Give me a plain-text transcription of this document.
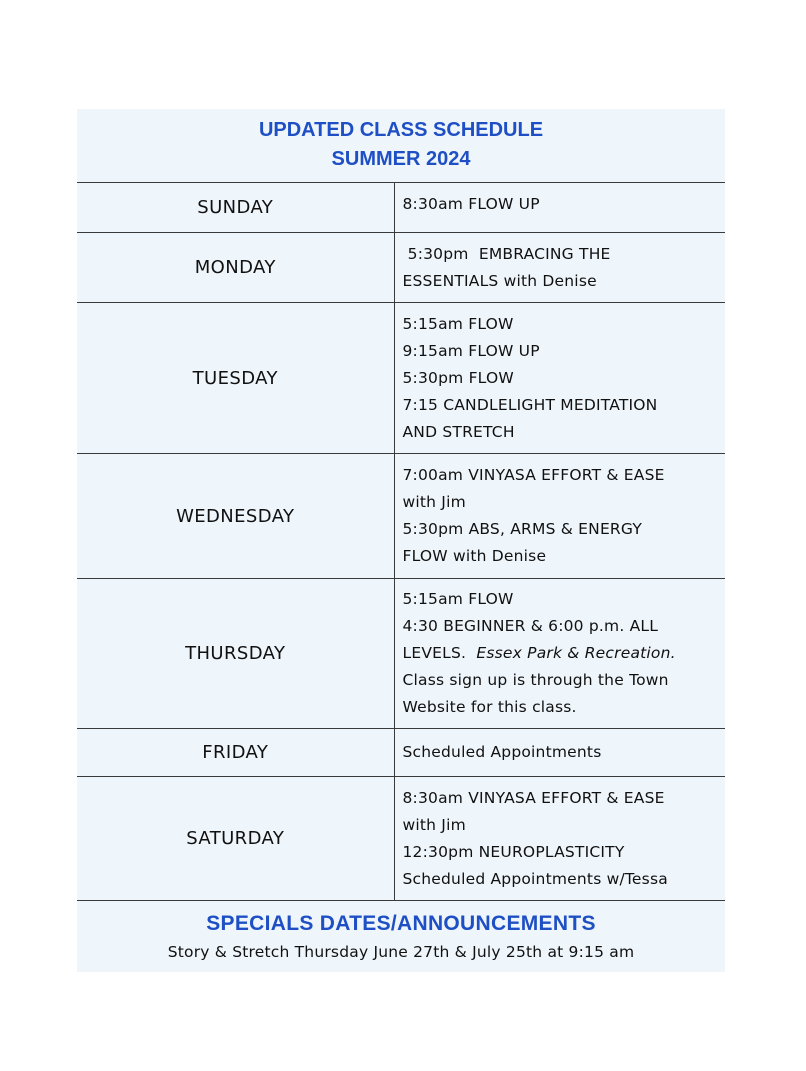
UPDATED CLASS SCHEDULE
SUMMER 2024
SUNDAY	8:30am FLOW UP

MONDAY	5:30pm  EMBRACING THE
ESSENTIALS with Denise

TUESDAY	5:15am FLOW
9:15am FLOW UP
5:30pm FLOW
7:15 CANDLELIGHT MEDITATION
AND STRETCH

WEDNESDAY	7:00am VINYASA EFFORT & EASE
with Jim
5:30pm ABS, ARMS & ENERGY
FLOW with Denise

THURSDAY	5:15am FLOW
4:30 BEGINNER & 6:00 p.m. ALL
LEVELS.  Essex Park & Recreation.
Class sign up is through the Town
Website for this class.

FRIDAY	Scheduled Appointments

SATURDAY	8:30am VINYASA EFFORT & EASE
with Jim
12:30pm NEUROPLASTICITY
Scheduled Appointments w/Tessa
SPECIALS DATES/ANNOUNCEMENTS
Story & Stretch Thursday June 27th & July 25th at 9:15 am
